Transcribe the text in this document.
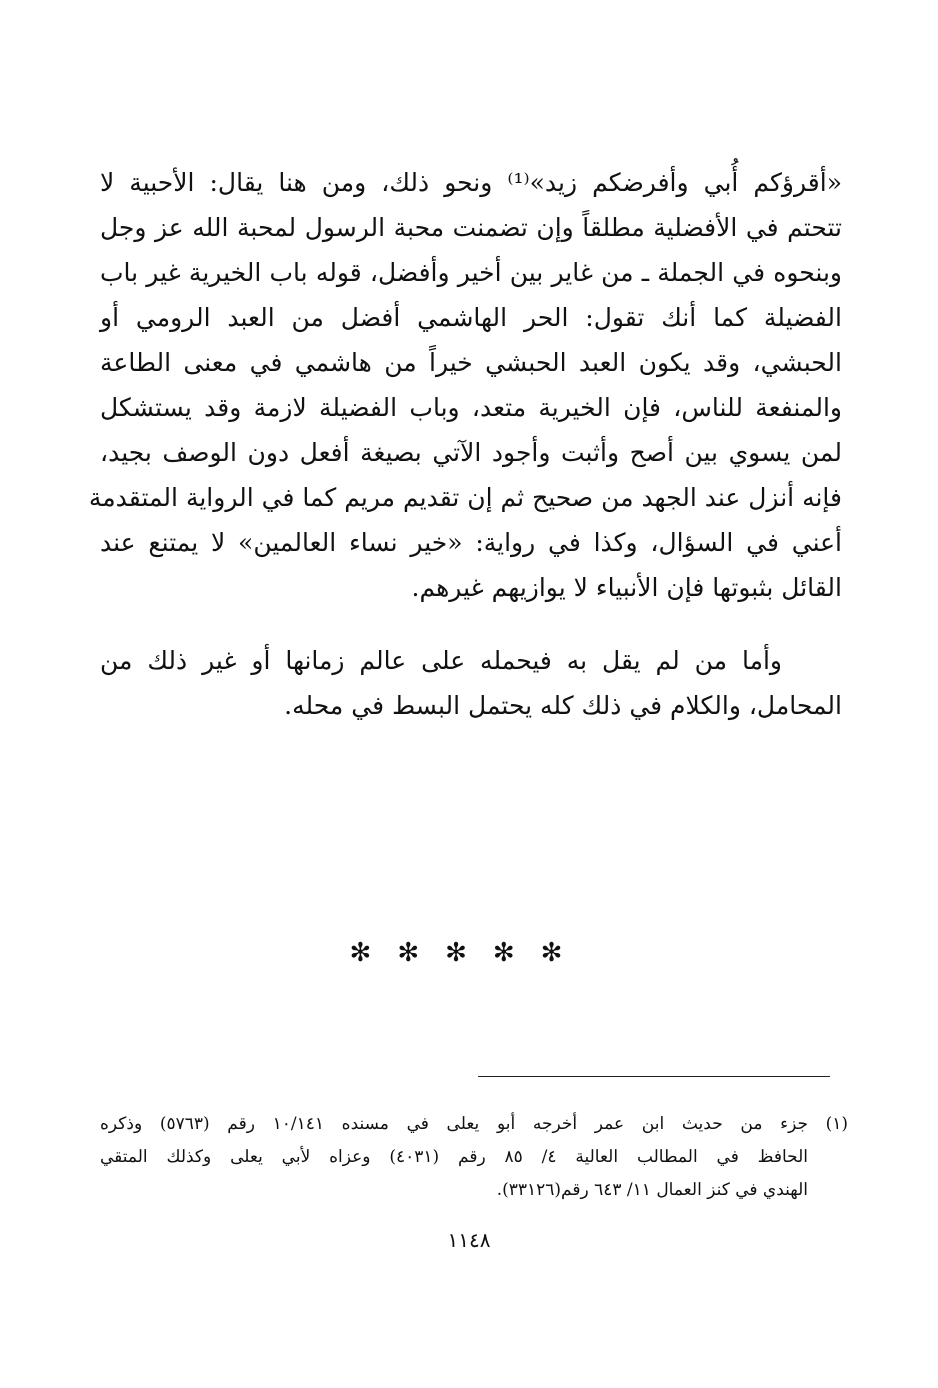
«أقرؤكم أُبي وأفرضكم زيد»⁽¹⁾ ونحو ذلك، ومن هنا يقال: الأحبية لا
تتحتم في الأفضلية مطلقاً وإن تضمنت محبة الرسول لمحبة الله عز وجل
وبنحوه في الجملة ـ من غاير بين أخير وأفضل، قوله باب الخيرية غير باب
الفضيلة كما أنك تقول: الحر الهاشمي أفضل من العبد الرومي أو
الحبشي، وقد يكون العبد الحبشي خيراً من هاشمي في معنى الطاعة
والمنفعة للناس، فإن الخيرية متعد، وباب الفضيلة لازمة وقد يستشكل
لمن يسوي بين أصح وأثبت وأجود الآتي بصيغة أفعل دون الوصف بجيد،
فإنه أنزل عند الجهد من صحيح ثم إن تقديم مريم كما في الرواية المتقدمة
أعني في السؤال، وكذا في رواية: «خير نساء العالمين» لا يمتنع عند
القائل بثبوتها فإن الأنبياء لا يوازيهم غيرهم.

وأما من لم يقل به فيحمله على عالم زمانها أو غير ذلك من
المحامل، والكلام في ذلك كله يحتمل البسط في محله.

✻✻✻✻✻
(١)
جزء من حديث ابن عمر أخرجه أبو يعلى في مسنده ١٠/١٤١ رقم (٥٧٦٣) وذكره
الحافظ في المطالب العالية ٤/ ٨٥ رقم (٤٠٣١) وعزاه لأبي يعلى وكذلك المتقي
الهندي في كنز العمال ١١/ ٦٤٣ رقم(٣٣١٢٦).
١١٤٨
